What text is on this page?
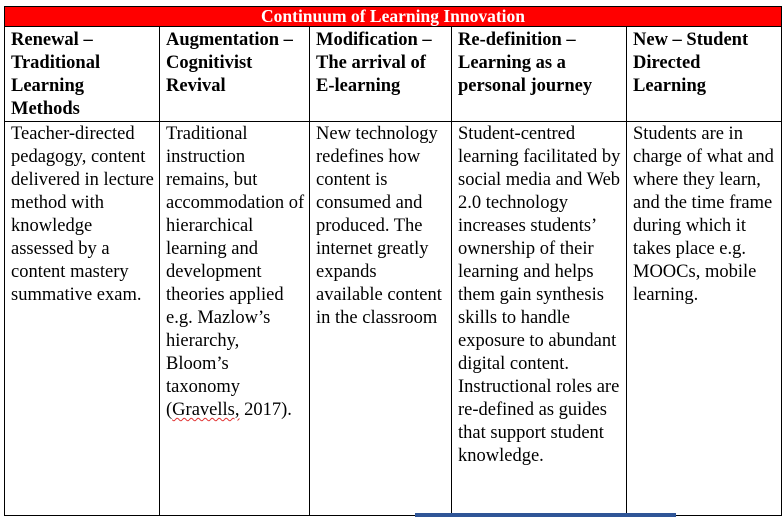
Continuum of Learning Innovation				
Renewal – Traditional Learning Methods	Augmentation – Cognitivist Revival	Modification – The arrival of E-learning	Re-definition – Learning as a personal journey	New – Student Directed Learning
Teacher-directed pedagogy, content delivered in lecture method with knowledge assessed by a content mastery summative exam.	Traditional instruction remains, but accommodation of hierarchical learning and development theories applied e.g. Mazlow’s hierarchy, Bloom’s taxonomy (Gravells, 2017).	New technology redefines how content is consumed and produced. The internet greatly expands available content in the classroom	Student-centred learning facilitated by social media and Web 2.0 technology increases students’ ownership of their learning and helps them gain synthesis skills to handle exposure to abundant digital content. Instructional roles are re-defined as guides that support student knowledge.	Students are in charge of what and where they learn, and the time frame during which it takes place e.g. MOOCs, mobile learning.
